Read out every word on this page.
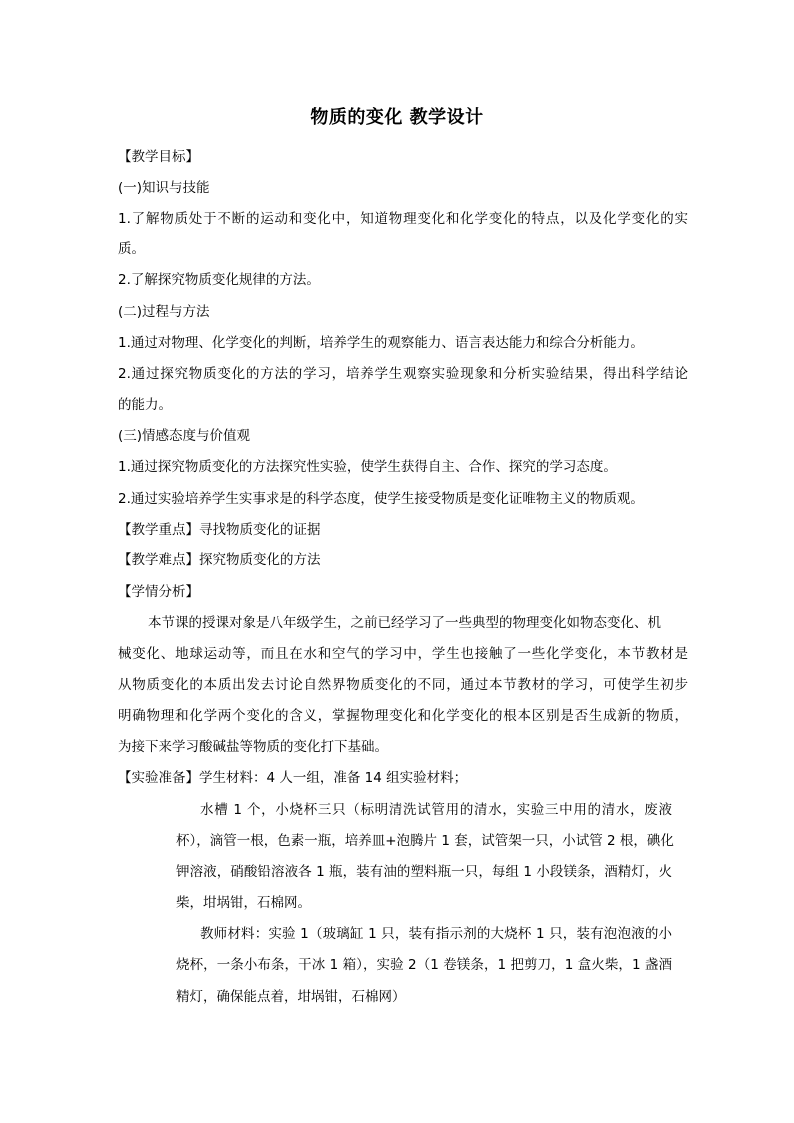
物质的变化 教学设计
【教学目标】
(一)知识与技能
1.了解物质处于不断的运动和变化中，知道物理变化和化学变化的特点，以及化学变化的实
质。
2.了解探究物质变化规律的方法。
(二)过程与方法
1.通过对物理、化学变化的判断，培养学生的观察能力、语言表达能力和综合分析能力。
2.通过探究物质变化的方法的学习，培养学生观察实验现象和分析实验结果，得出科学结论
的能力。
(三)情感态度与价值观
1.通过探究物质变化的方法探究性实验，使学生获得自主、合作、探究的学习态度。
2.通过实验培养学生实事求是的科学态度，使学生接受物质是变化证唯物主义的物质观。
【教学重点】寻找物质变化的证据
【教学难点】探究物质变化的方法
【学情分析】
本节课的授课对象是八年级学生，之前已经学习了一些典型的物理变化如物态变化、机
械变化、地球运动等，而且在水和空气的学习中，学生也接触了一些化学变化，本节教材是
从物质变化的本质出发去讨论自然界物质变化的不同，通过本节教材的学习，可使学生初步
明确物理和化学两个变化的含义，掌握物理变化和化学变化的根本区别是否生成新的物质，
为接下来学习酸碱盐等物质的变化打下基础。
【实验准备】学生材料：4 人一组，准备 14 组实验材料；
水槽 1 个，小烧杯三只（标明清洗试管用的清水，实验三中用的清水，废液
杯），滴管一根，色素一瓶，培养皿+泡腾片 1 套，试管架一只，小试管 2 根，碘化
钾溶液，硝酸铅溶液各 1 瓶，装有油的塑料瓶一只，每组 1 小段镁条，酒精灯，火
柴，坩埚钳，石棉网。
教师材料：实验 1（玻璃缸 1 只，装有指示剂的大烧杯 1 只，装有泡泡液的小
烧杯，一条小布条，干冰 1 箱），实验 2（1 卷镁条，1 把剪刀，1 盒火柴，1 盏酒
精灯，确保能点着，坩埚钳，石棉网）
